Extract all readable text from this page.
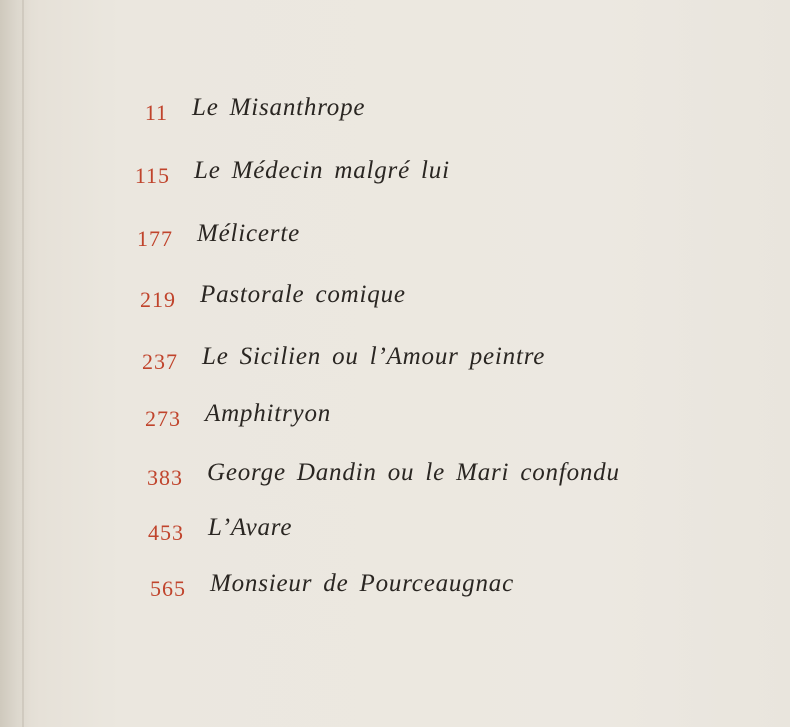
11 Le Misanthrope
115 Le Médecin malgré lui
177 Mélicerte
219 Pastorale comique
237 Le Sicilien ou l’Amour peintre
273 Amphitryon
383 George Dandin ou le Mari confondu
453 L’Avare
565 Monsieur de Pourceaugnac
